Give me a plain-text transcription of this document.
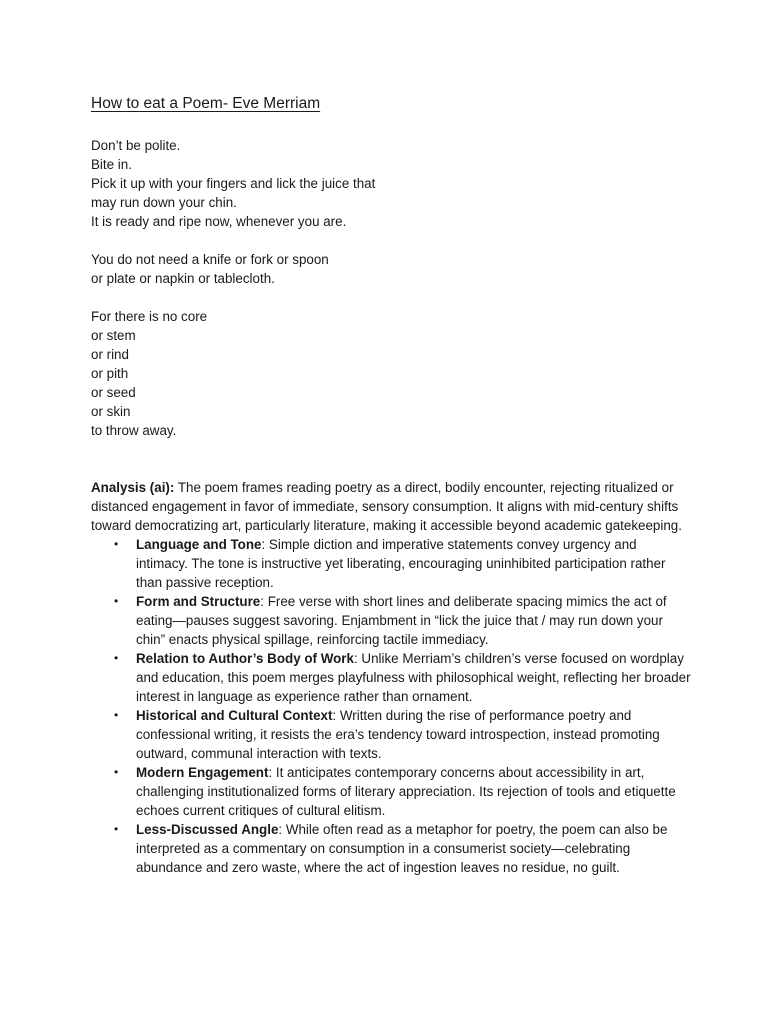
How to eat a Poem- Eve Merriam
Don’t be polite.
Bite in.
Pick it up with your fingers and lick the juice that
may run down your chin.
It is ready and ripe now, whenever you are.
You do not need a knife or fork or spoon
or plate or napkin or tablecloth.
For there is no core
or stem
or rind
or pith
or seed
or skin
to throw away.

Analysis (ai): The poem frames reading poetry as a direct, bodily encounter, rejecting ritualized or distanced engagement in favor of immediate, sensory consumption. It aligns with mid-century shifts toward democratizing art, particularly literature, making it accessible beyond academic gatekeeping.

• Language and Tone: Simple diction and imperative statements convey urgency and intimacy. The tone is instructive yet liberating, encouraging uninhibited participation rather than passive reception.
• Form and Structure: Free verse with short lines and deliberate spacing mimics the act of eating—pauses suggest savoring. Enjambment in “lick the juice that / may run down your chin” enacts physical spillage, reinforcing tactile immediacy.
• Relation to Author’s Body of Work: Unlike Merriam’s children’s verse focused on wordplay and education, this poem merges playfulness with philosophical weight, reflecting her broader interest in language as experience rather than ornament.
• Historical and Cultural Context: Written during the rise of performance poetry and confessional writing, it resists the era’s tendency toward introspection, instead promoting outward, communal interaction with texts.
• Modern Engagement: It anticipates contemporary concerns about accessibility in art, challenging institutionalized forms of literary appreciation. Its rejection of tools and etiquette echoes current critiques of cultural elitism.
• Less-Discussed Angle: While often read as a metaphor for poetry, the poem can also be interpreted as a commentary on consumption in a consumerist society—celebrating abundance and zero waste, where the act of ingestion leaves no residue, no guilt.
